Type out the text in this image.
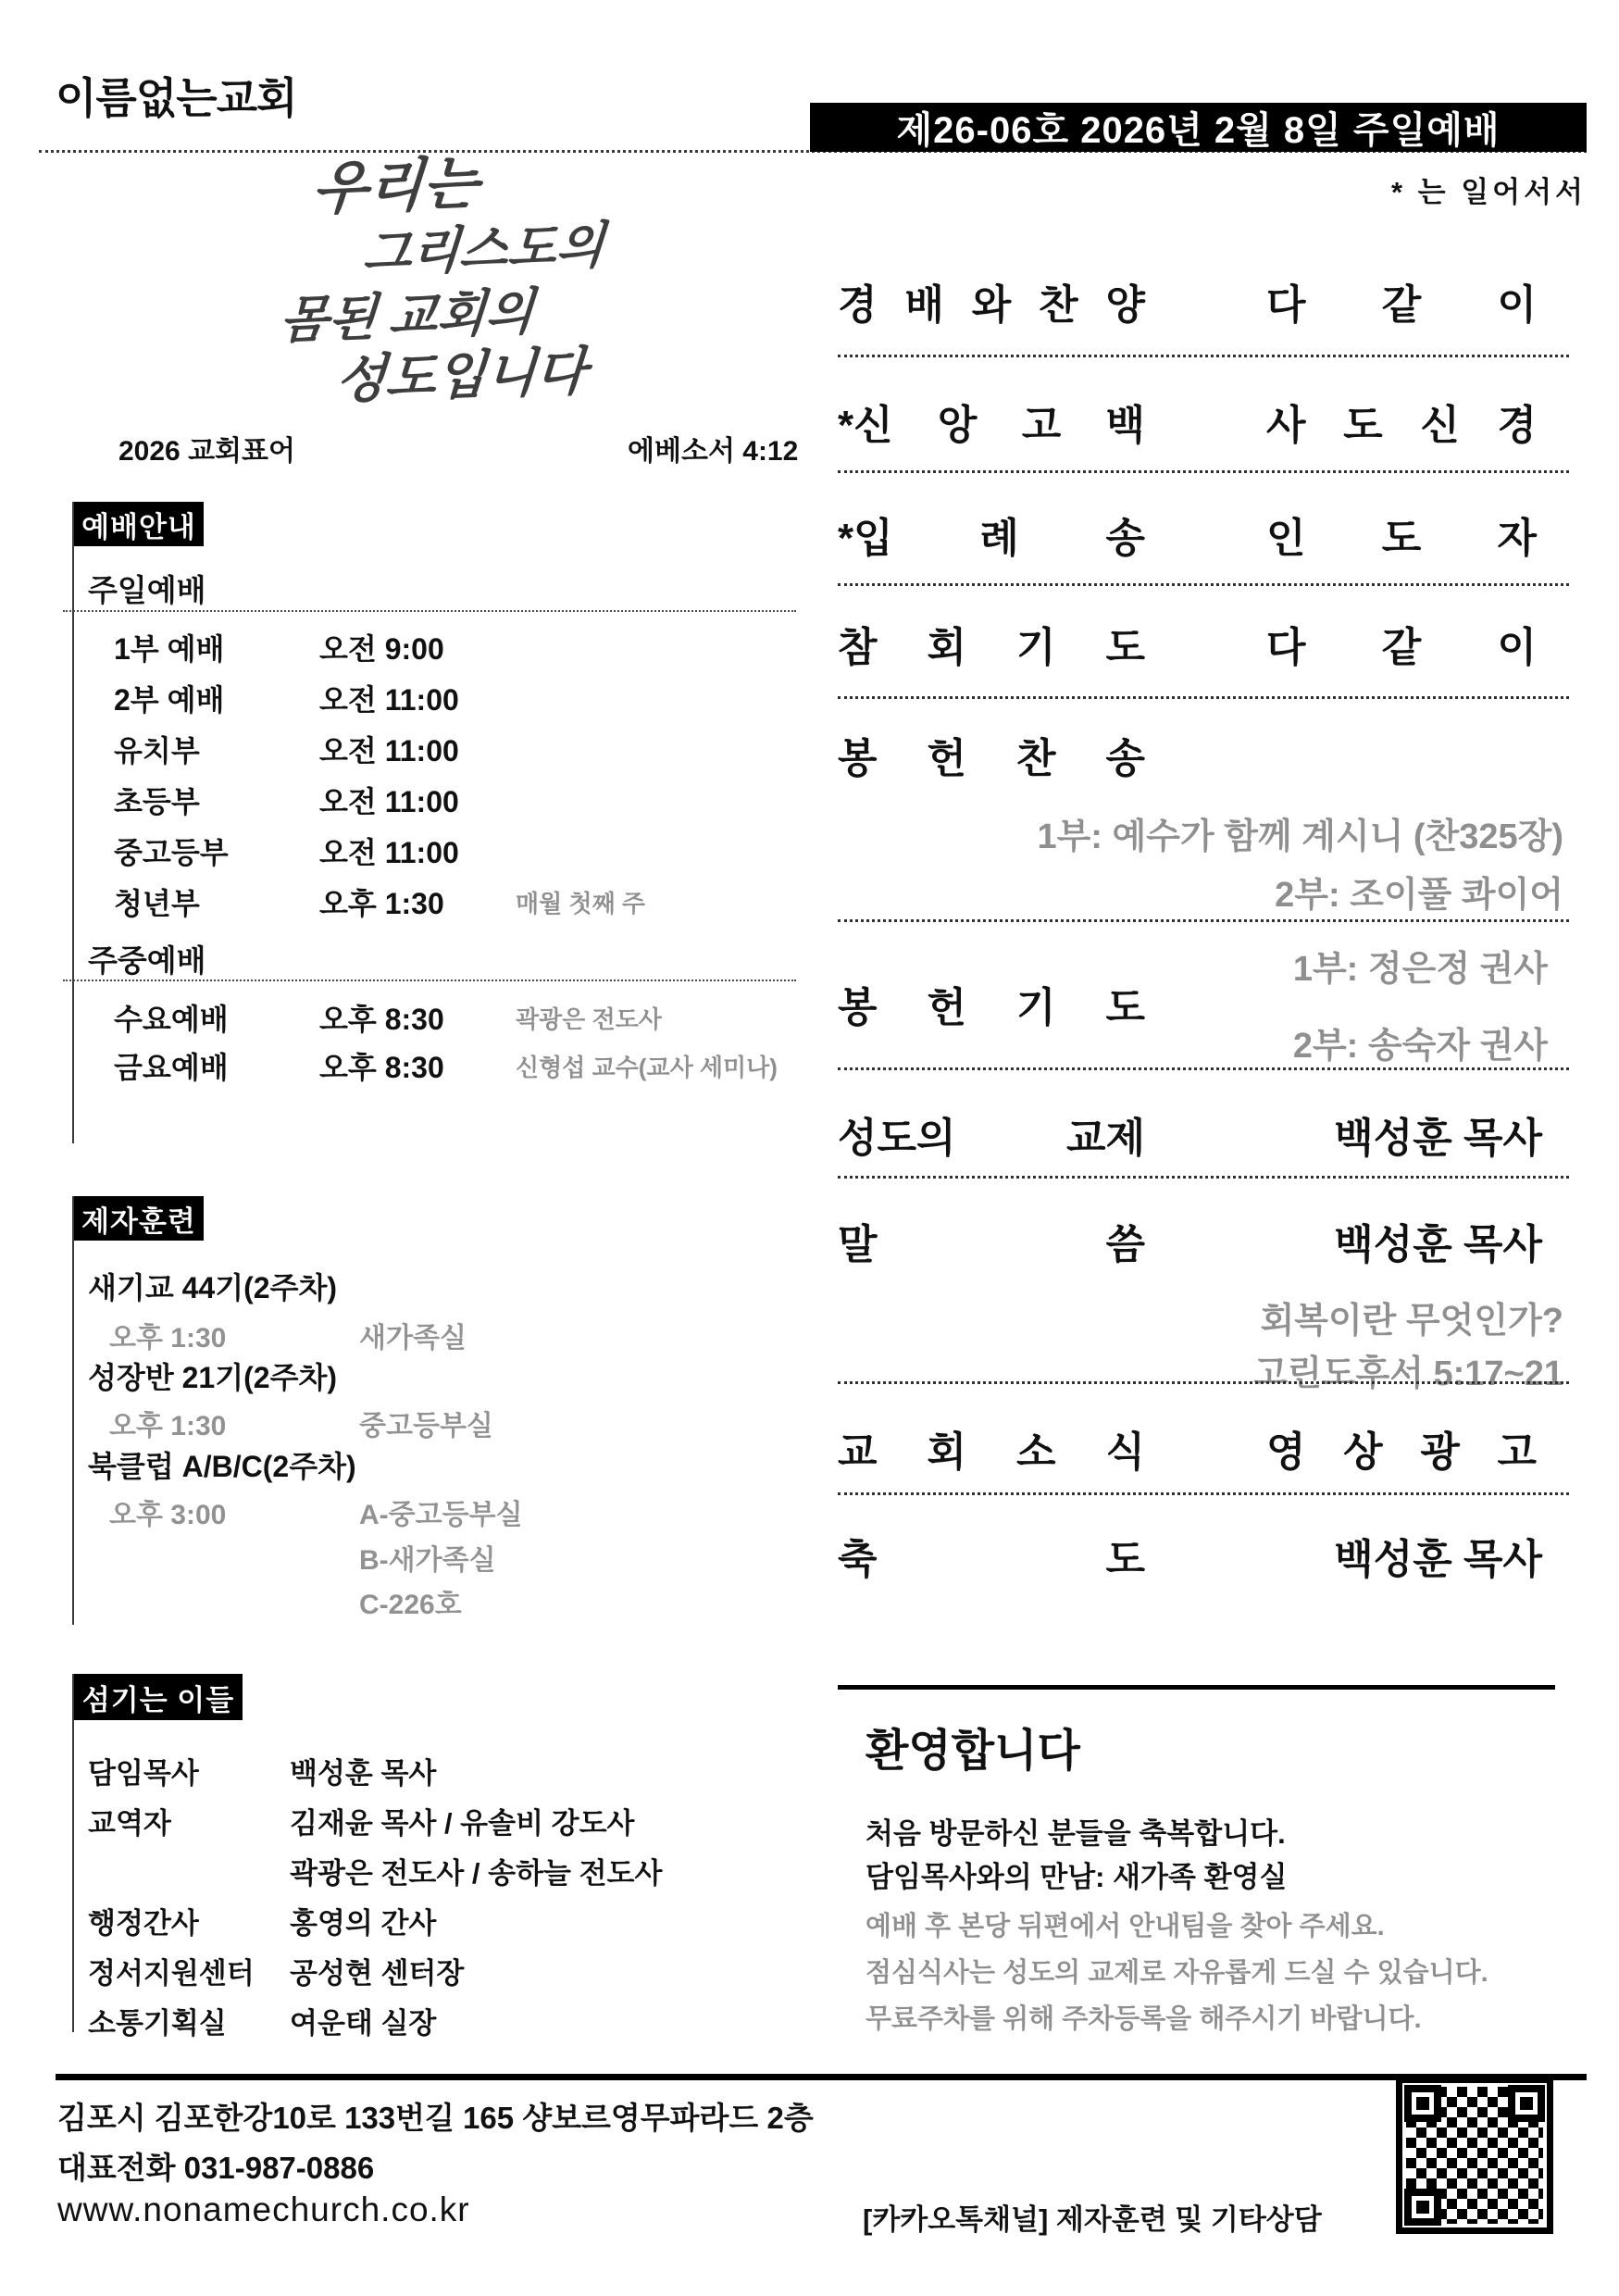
이름없는교회
제26-06호 2026년 2월 8일 주일예배
* 는 일어서서
우리는
그리스도의
몸된 교회의
성도입니다
2026 교회표어	에베소서 4:12
예배안내
주일예배
1부 예배	오전 9:00
2부 예배	오전 11:00
유치부	오전 11:00
초등부	오전 11:00
중고등부	오전 11:00
청년부	오후 1:30	매월 첫째 주
주중예배
수요예배	오후 8:30	곽광은 전도사
금요예배	오후 8:30	신형섭 교수(교사 세미나)
제자훈련
새기교 44기(2주차)
오후 1:30	새가족실
성장반 21기(2주차)
오후 1:30	중고등부실
북클럽 A/B/C(2주차)
오후 3:00	A-중고등부실
B-새가족실
C-226호
섬기는 이들
담임목사	백성훈 목사
교역자	김재윤 목사 / 유솔비 강도사
곽광은 전도사 / 송하늘 전도사
행정간사	홍영의 간사
정서지원센터	공성현 센터장
소통기획실	여운태 실장
경 배 와 찬 양	다 같 이
*신 앙 고 백	사 도 신 경
*입 례 송	인 도 자
참 회 기 도	다 같 이
봉 헌 찬 송
1부: 예수가 함께 계시니 (찬325장)
2부: 조이풀 콰이어
봉 헌 기 도
1부: 정은정 권사
2부: 송숙자 권사
성도의 교제	백성훈 목사
말 씀	백성훈 목사
회복이란 무엇인가?
고린도후서 5:17~21
교 회 소 식	영 상 광 고
축 도	백성훈 목사
환영합니다
처음 방문하신 분들을 축복합니다.
담임목사와의 만남: 새가족 환영실
예배 후 본당 뒤편에서 안내팀을 찾아 주세요.
점심식사는 성도의 교제로 자유롭게 드실 수 있습니다.
무료주차를 위해 주차등록을 해주시기 바랍니다.
김포시 김포한강10로 133번길 165 샹보르영무파라드 2층
대표전화 031-987-0886
www.nonamechurch.co.kr	[카카오톡채널] 제자훈련 및 기타상담
